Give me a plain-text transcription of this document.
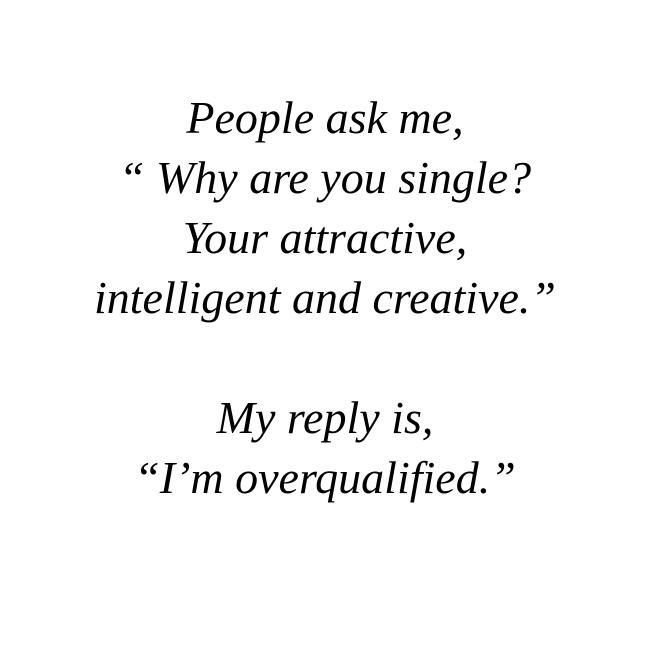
People ask me,
“ Why are you single?
Your attractive,
intelligent and creative.”

My reply is,
“I’m overqualified.”
